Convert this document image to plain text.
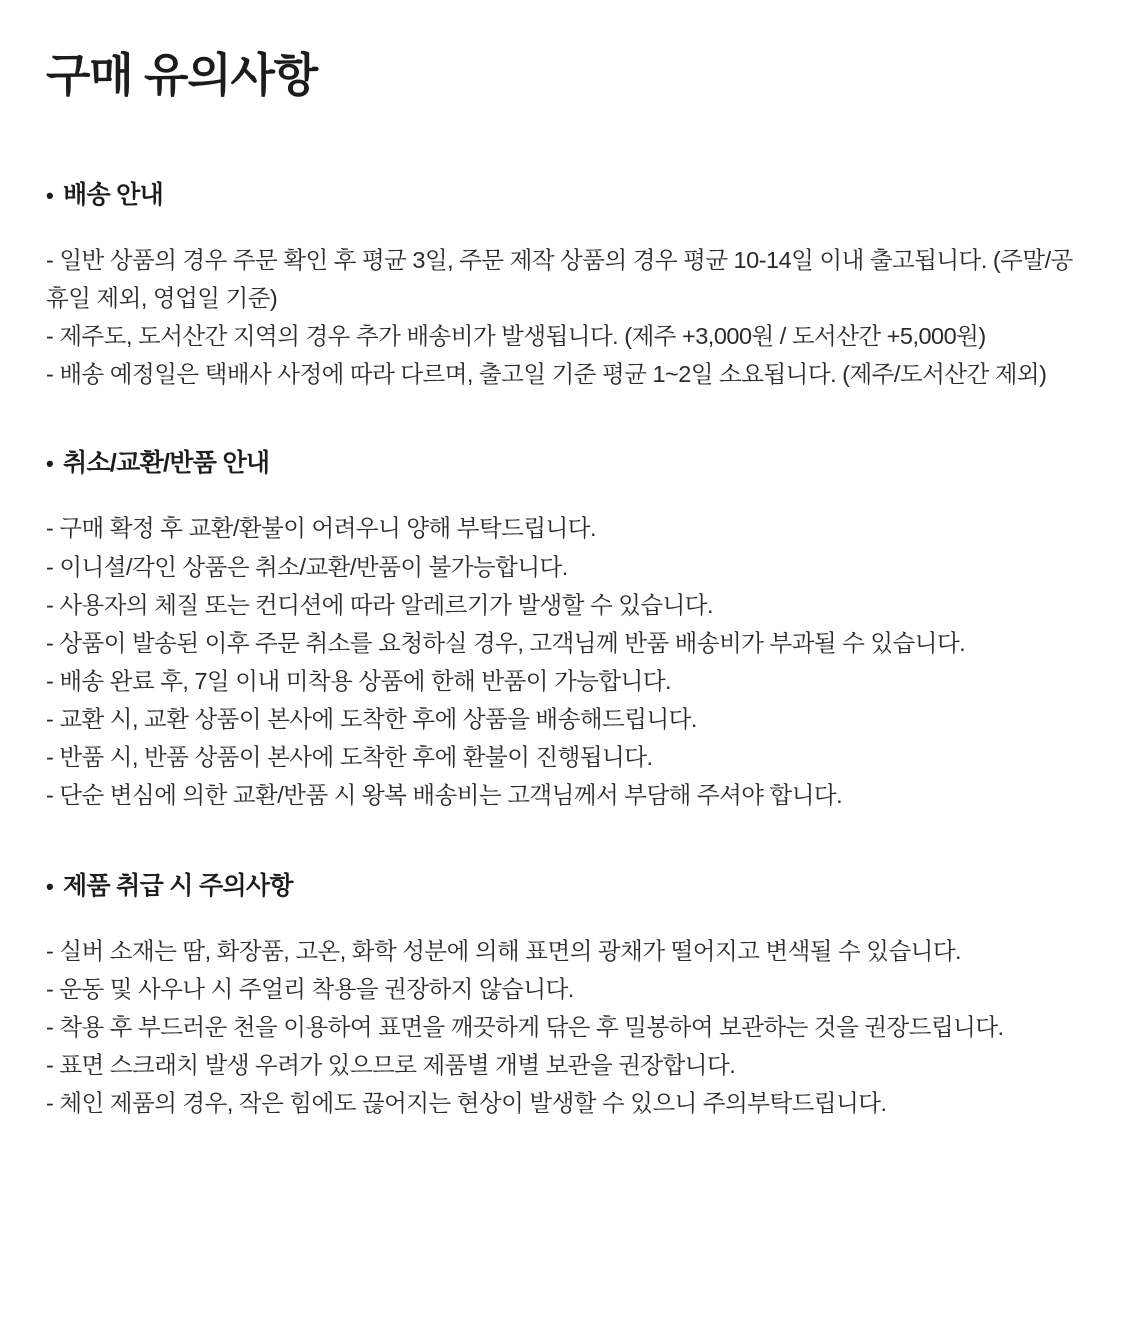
구매 유의사항
• 배송 안내

- 일반 상품의 경우 주문 확인 후 평균 3일, 주문 제작 상품의 경우 평균 10-14일 이내 출고됩니다. (주말/공휴일 제외, 영업일 기준)

- 제주도, 도서산간 지역의 경우 추가 배송비가 발생됩니다. (제주 +3,000원 / 도서산간 +5,000원)

- 배송 예정일은 택배사 사정에 따라 다르며, 출고일 기준 평균 1~2일 소요됩니다. (제주/도서산간 제외)

• 취소/교환/반품 안내

- 구매 확정 후 교환/환불이 어려우니 양해 부탁드립니다.

- 이니셜/각인 상품은 취소/교환/반품이 불가능합니다.

- 사용자의 체질 또는 컨디션에 따라 알레르기가 발생할 수 있습니다.

- 상품이 발송된 이후 주문 취소를 요청하실 경우, 고객님께 반품 배송비가 부과될 수 있습니다.

- 배송 완료 후, 7일 이내 미착용 상품에 한해 반품이 가능합니다.

- 교환 시, 교환 상품이 본사에 도착한 후에 상품을 배송해드립니다.

- 반품 시, 반품 상품이 본사에 도착한 후에 환불이 진행됩니다.

- 단순 변심에 의한 교환/반품 시 왕복 배송비는 고객님께서 부담해 주셔야 합니다.

• 제품 취급 시 주의사항

- 실버 소재는 땀, 화장품, 고온, 화학 성분에 의해 표면의 광채가 떨어지고 변색될 수 있습니다.

- 운동 및 사우나 시 주얼리 착용을 권장하지 않습니다.

- 착용 후 부드러운 천을 이용하여 표면을 깨끗하게 닦은 후 밀봉하여 보관하는 것을 권장드립니다.

- 표면 스크래치 발생 우려가 있으므로 제품별 개별 보관을 권장합니다.

- 체인 제품의 경우, 작은 힘에도 끊어지는 현상이 발생할 수 있으니 주의부탁드립니다.
